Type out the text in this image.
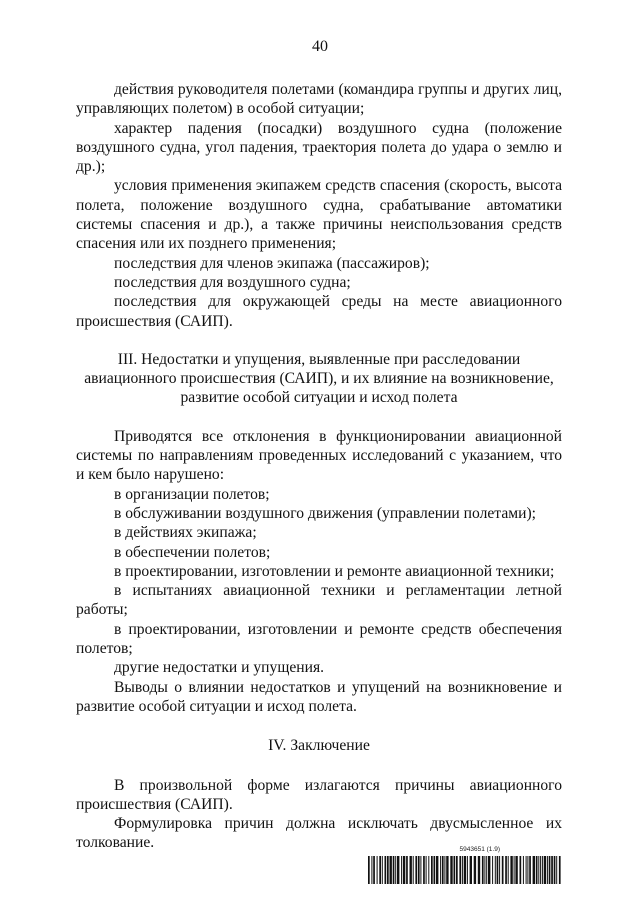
40

действия руководителя полетами (командира группы и других лиц, управляющих полетом) в особой ситуации;

характер падения (посадки) воздушного судна (положение воздушного судна, угол падения, траектория полета до удара о землю и др.);

условия применения экипажем средств спасения (скорость, высота полета, положение воздушного судна, срабатывание автоматики системы спасения и др.), а также причины неиспользования средств спасения или их позднего применения;

последствия для членов экипажа (пассажиров);

последствия для воздушного судна;

последствия для окружающей среды на месте авиационного происшествия (САИП).

III. Недостатки и упущения, выявленные при расследовании

авиационного происшествия (САИП), и их влияние на возникновение,

развитие особой ситуации и исход полета

Приводятся все отклонения в функционировании авиационной системы по направлениям проведенных исследований с указанием, что и кем было нарушено:

в организации полетов;

в обслуживании воздушного движения (управлении полетами);

в действиях экипажа;

в обеспечении полетов;

в проектировании, изготовлении и ремонте авиационной техники;

в испытаниях авиационной техники и регламентации летной работы;

в проектировании, изготовлении и ремонте средств обеспечения полетов;

другие недостатки и упущения.

Выводы о влиянии недостатков и упущений на возникновение и развитие особой ситуации и исход полета.

IV. Заключение

В произвольной форме излагаются причины авиационного происшествия (САИП).

Формулировка причин должна исключать двусмысленное их толкование.	5943651 (1.9)
